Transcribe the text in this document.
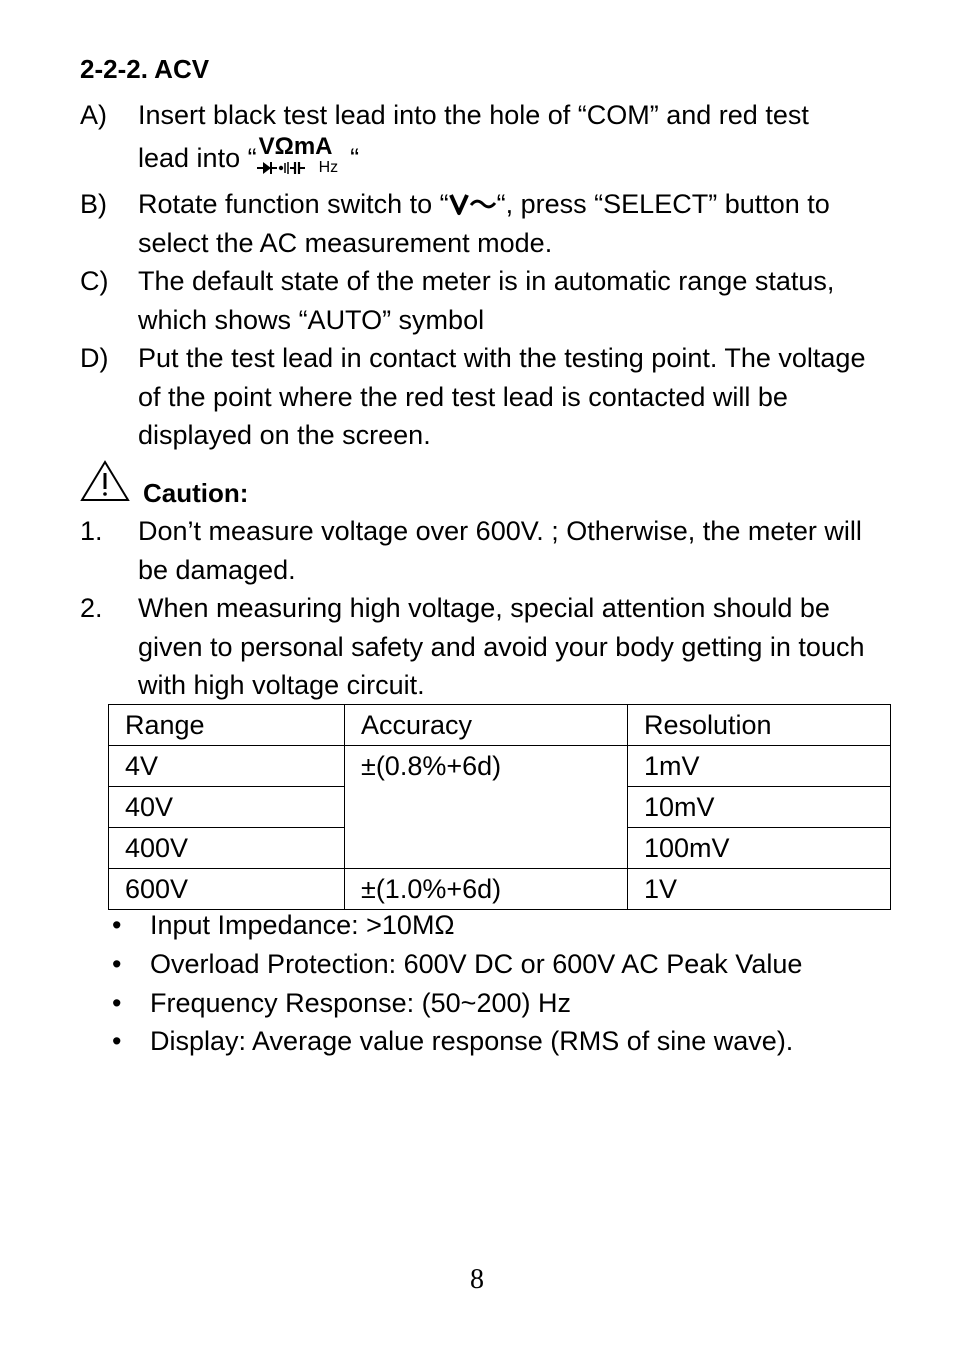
2-2-2. ACV
A) Insert black test lead into the hole of “COM” and red test
lead into “ VΩmA
Hz “
B) Rotate function switch to “ “, press “SELECT” button to
select the AC measurement mode.
C) The default state of the meter is in automatic range status,
which shows “AUTO” symbol
D) Put the test lead in contact with the testing point. The voltage
of the point where the red test lead is contacted will be
displayed on the screen.
Caution:
1. Don’t measure voltage over 600V. ; Otherwise, the meter will
be damaged.
2. When measuring high voltage, special attention should be
given to personal safety and avoid your body getting in touch
with high voltage circuit.
Range	Accuracy	Resolution
4V	±(0.8%+6d)	1mV
40V		10mV
400V		100mV
600V	±(1.0%+6d)	1V
• Input Impedance: >10MΩ
• Overload Protection: 600V DC or 600V AC Peak Value
• Frequency Response: (50~200) Hz
• Display: Average value response (RMS of sine wave).
8
